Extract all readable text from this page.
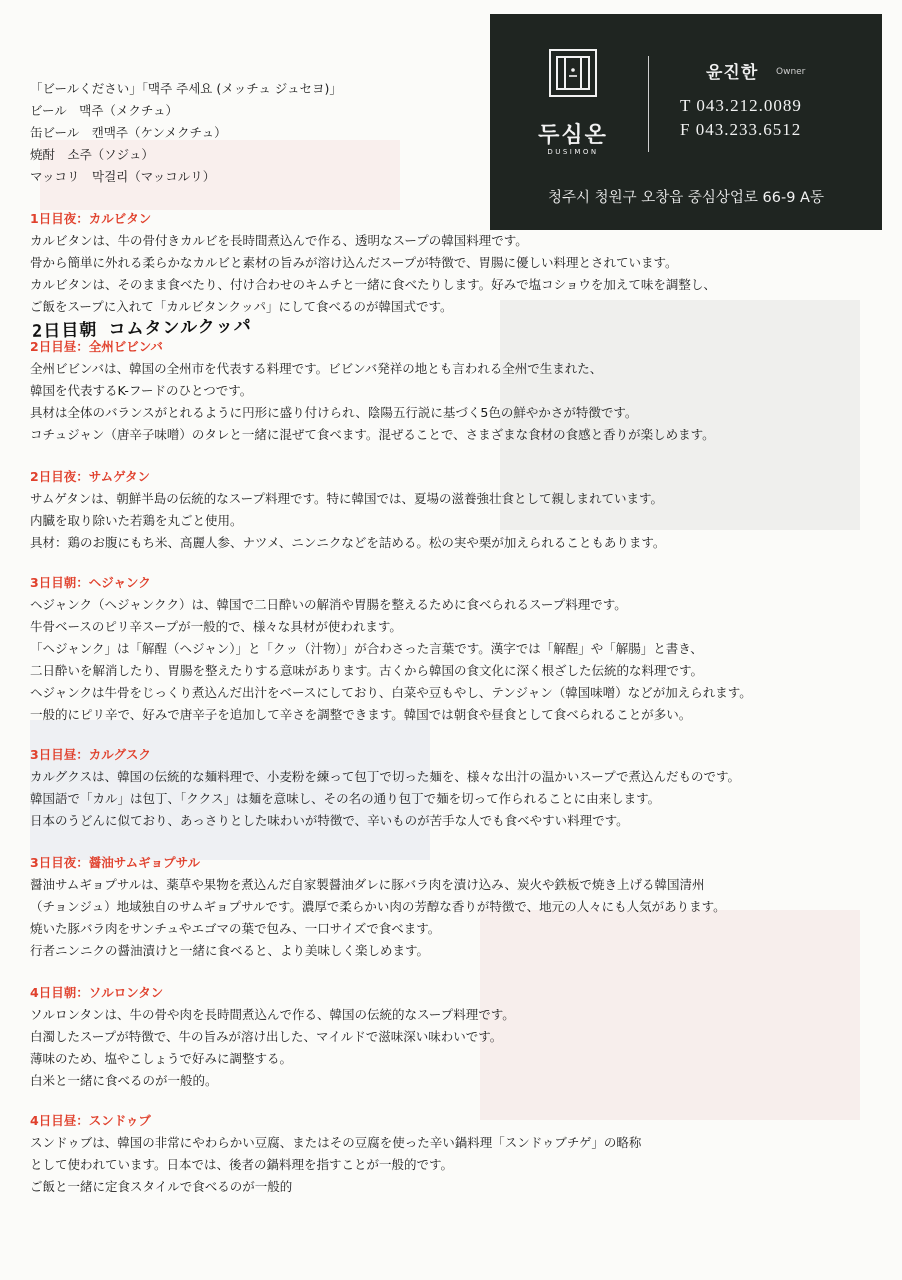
두심온
DUSIMON
윤진한 Owner
T 043.212.0089
F 043.233.6512
청주시 청원구 오창읍 중심상업로 66-9 A동
「ビールください」「맥주 주세요 (メッチュ ジュセヨ)」
ビール　맥주（メクチュ）
缶ビール　캔맥주（ケンメクチュ）
焼酎　소주（ソジュ）
マッコリ　막걸리（マッコルリ）
2日目朝 コムタンルクッパ
1日目夜：カルビタン

カルビタンは、牛の骨付きカルビを長時間煮込んで作る、透明なスープの韓国料理です。

骨から簡単に外れる柔らかなカルビと素材の旨みが溶け込んだスープが特徴で、胃腸に優しい料理とされています。

カルビタンは、そのまま食べたり、付け合わせのキムチと一緒に食べたりします。好みで塩コショウを加えて味を調整し、

ご飯をスープに入れて「カルビタンクッパ」にして食べるのが韓国式です。

2日目昼：全州ビビンバ

全州ビビンバは、韓国の全州市を代表する料理です。ビビンバ発祥の地とも言われる全州で生まれた、

韓国を代表するK-フードのひとつです。

具材は全体のバランスがとれるように円形に盛り付けられ、陰陽五行説に基づく5色の鮮やかさが特徴です。

コチュジャン（唐辛子味噌）のタレと一緒に混ぜて食べます。混ぜることで、さまざまな食材の食感と香りが楽しめます。

2日目夜：サムゲタン

サムゲタンは、朝鮮半島の伝統的なスープ料理です。特に韓国では、夏場の滋養強壮食として親しまれています。

内臓を取り除いた若鶏を丸ごと使用。

具材：鶏のお腹にもち米、高麗人参、ナツメ、ニンニクなどを詰める。松の実や栗が加えられることもあります。

3日目朝：ヘジャンク

ヘジャンク（ヘジャンクク）は、韓国で二日酔いの解消や胃腸を整えるために食べられるスープ料理です。

牛骨ベースのピリ辛スープが一般的で、様々な具材が使われます。

「ヘジャンク」は「解酲（ヘジャン）」と「クッ（汁物）」が合わさった言葉です。漢字では「解酲」や「解腸」と書き、

二日酔いを解消したり、胃腸を整えたりする意味があります。古くから韓国の食文化に深く根ざした伝統的な料理です。

ヘジャンクは牛骨をじっくり煮込んだ出汁をベースにしており、白菜や豆もやし、テンジャン（韓国味噌）などが加えられます。

一般的にピリ辛で、好みで唐辛子を追加して辛さを調整できます。韓国では朝食や昼食として食べられることが多い。

3日目昼：カルグスク

カルグクスは、韓国の伝統的な麺料理で、小麦粉を練って包丁で切った麺を、様々な出汁の温かいスープで煮込んだものです。

韓国語で「カル」は包丁、「ククス」は麺を意味し、その名の通り包丁で麺を切って作られることに由来します。

日本のうどんに似ており、あっさりとした味わいが特徴で、辛いものが苦手な人でも食べやすい料理です。

3日目夜：醤油サムギョプサル

醤油サムギョプサルは、薬草や果物を煮込んだ自家製醤油ダレに豚バラ肉を漬け込み、炭火や鉄板で焼き上げる韓国清州

（チョンジュ）地域独自のサムギョプサルです。濃厚で柔らかい肉の芳醇な香りが特徴で、地元の人々にも人気があります。

焼いた豚バラ肉をサンチュやエゴマの葉で包み、一口サイズで食べます。

行者ニンニクの醤油漬けと一緒に食べると、より美味しく楽しめます。

4日目朝：ソルロンタン

ソルロンタンは、牛の骨や肉を長時間煮込んで作る、韓国の伝統的なスープ料理です。

白濁したスープが特徴で、牛の旨みが溶け出した、マイルドで滋味深い味わいです。

薄味のため、塩やこしょうで好みに調整する。

白米と一緒に食べるのが一般的。

4日目昼：スンドゥブ

スンドゥブは、韓国の非常にやわらかい豆腐、またはその豆腐を使った辛い鍋料理「スンドゥブチゲ」の略称

として使われています。日本では、後者の鍋料理を指すことが一般的です。

ご飯と一緒に定食スタイルで食べるのが一般的
